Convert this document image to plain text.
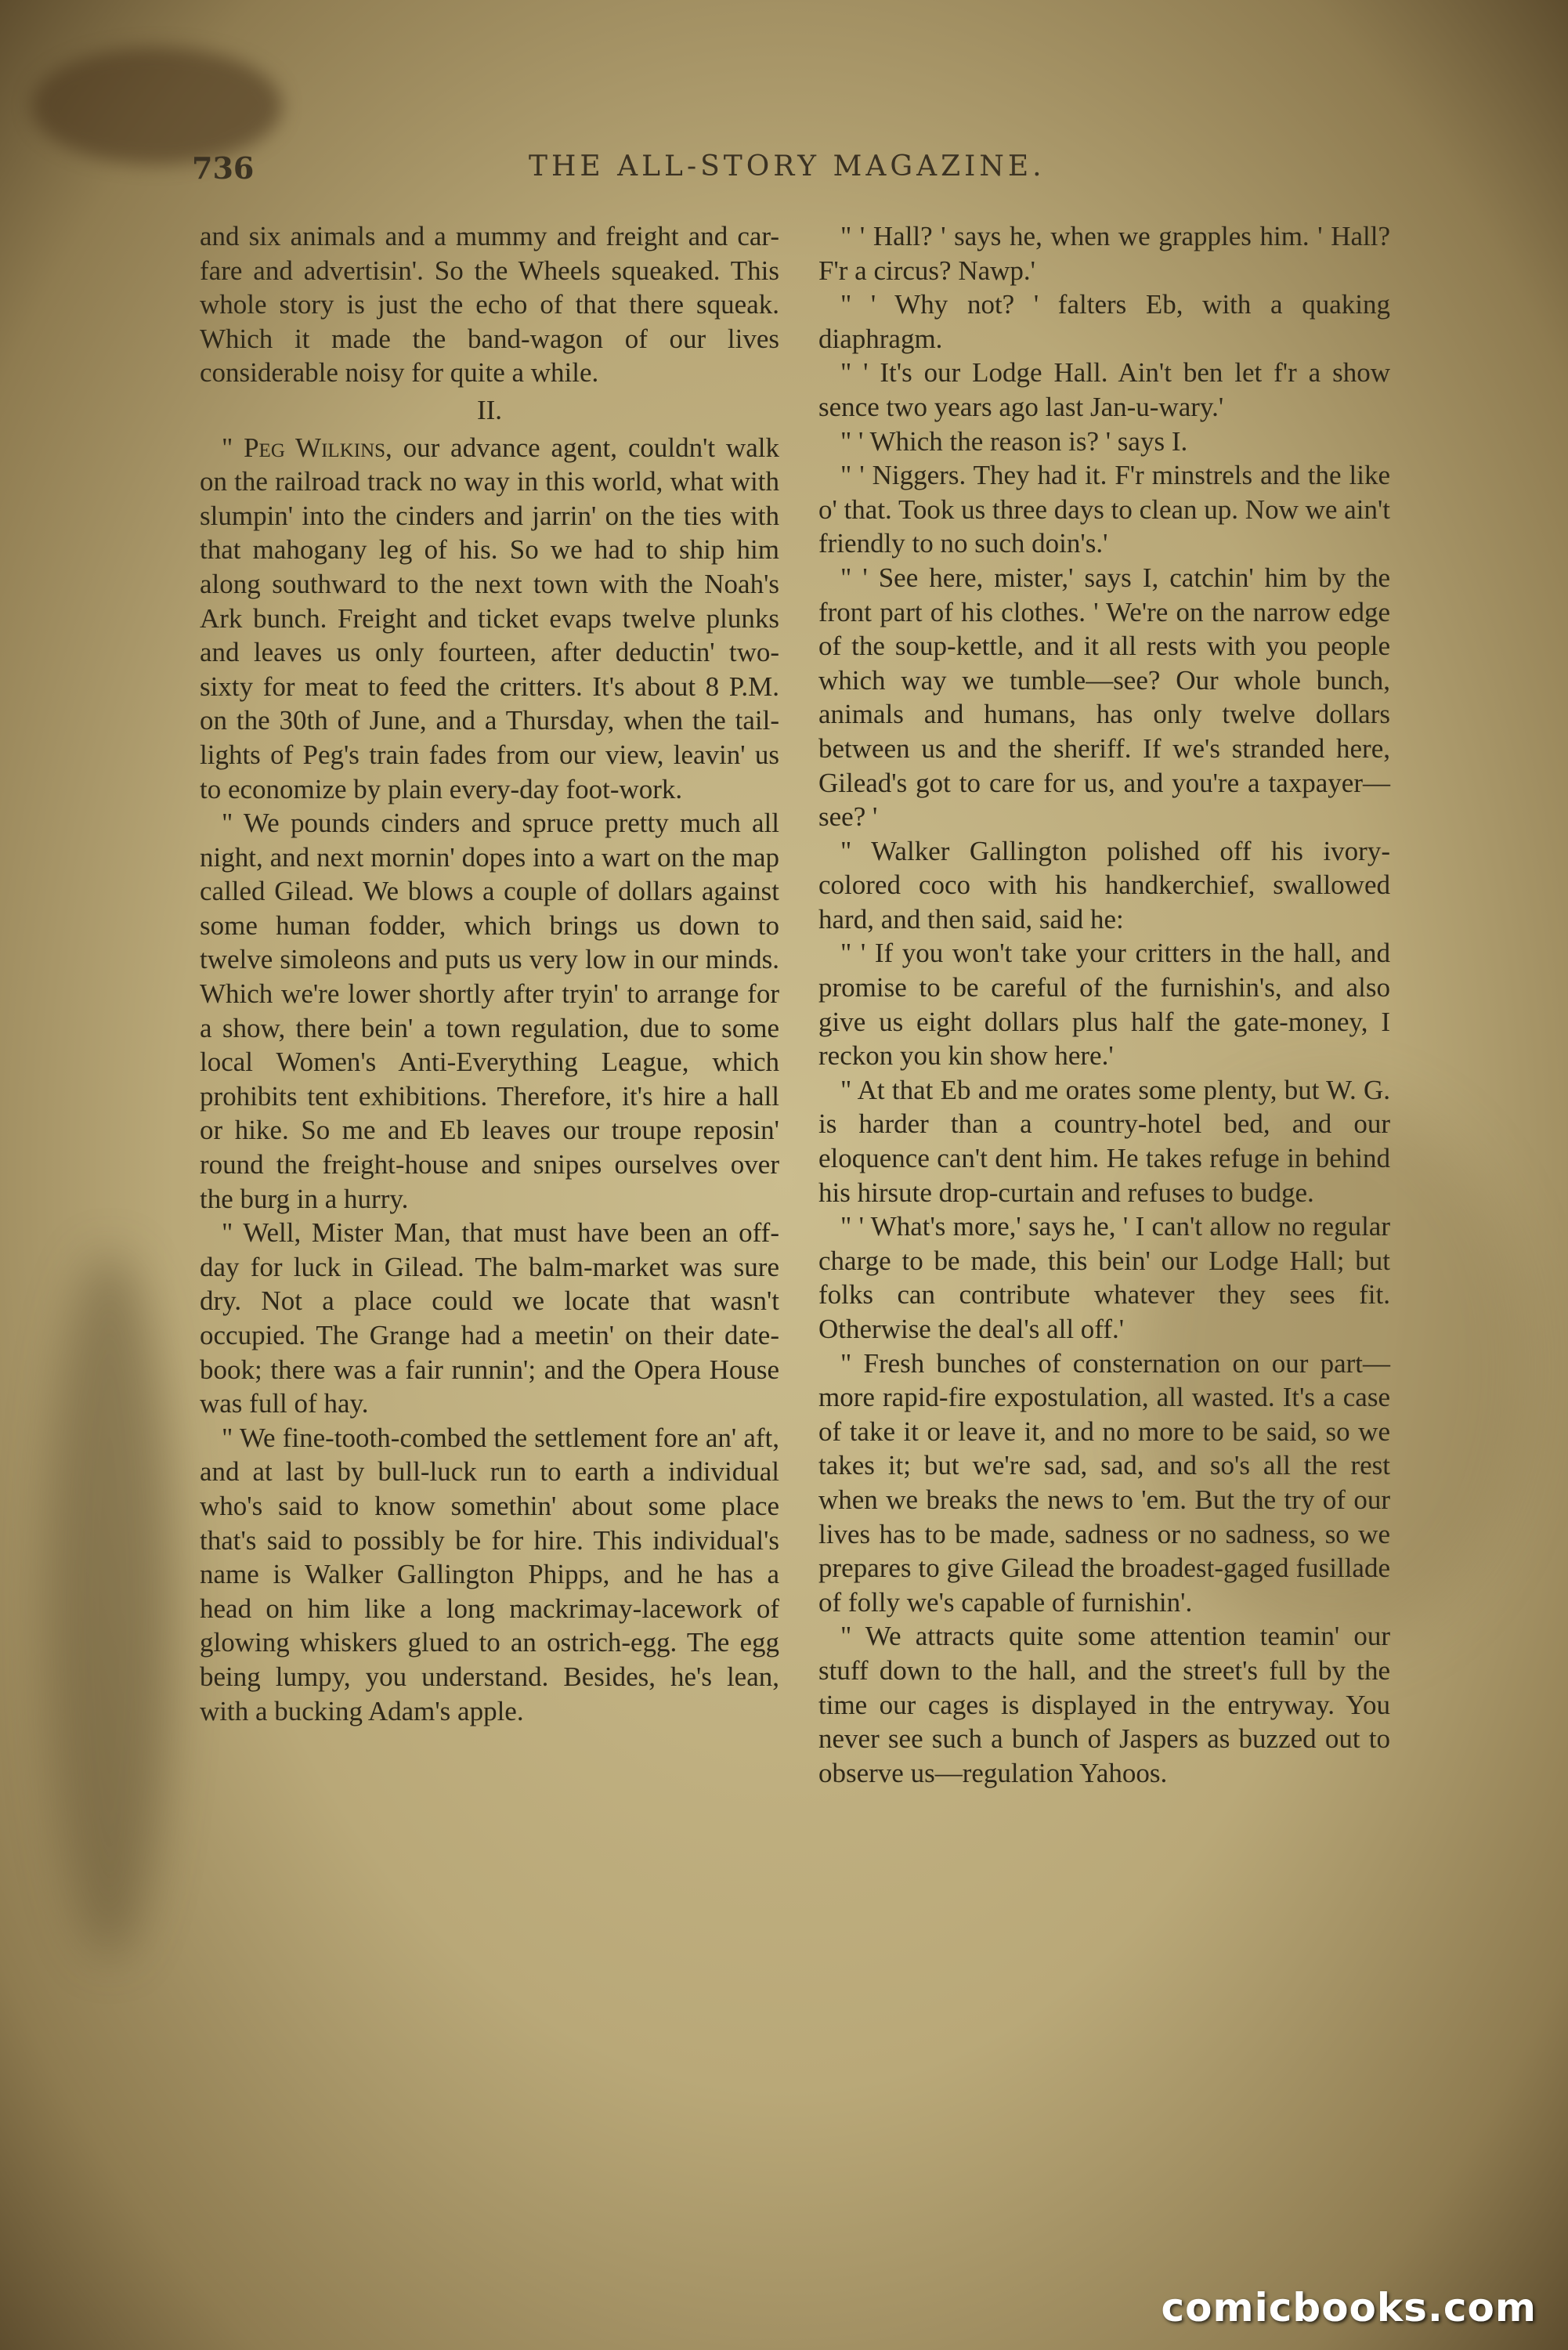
736	THE ALL-STORY MAGAZINE.

and six animals and a mummy and freight and car-fare and advertisin'. So the Wheels squeaked. This whole story is just the echo of that there squeak. Which it made the band-wagon of our lives considerable noisy for quite a while.

II.

" Peg Wilkins, our advance agent, couldn't walk on the railroad track no way in this world, what with slumpin' into the cinders and jarrin' on the ties with that mahogany leg of his. So we had to ship him along southward to the next town with the Noah's Ark bunch. Freight and ticket evaps twelve plunks and leaves us only fourteen, after deductin' two-sixty for meat to feed the critters. It's about 8 P.M. on the 30th of June, and a Thursday, when the tail-lights of Peg's train fades from our view, leavin' us to economize by plain every-day foot-work.

" We pounds cinders and spruce pretty much all night, and next mornin' dopes into a wart on the map called Gilead. We blows a couple of dollars against some human fodder, which brings us down to twelve simoleons and puts us very low in our minds. Which we're lower shortly after tryin' to arrange for a show, there bein' a town regulation, due to some local Women's Anti-Everything League, which prohibits tent exhibitions. Therefore, it's hire a hall or hike. So me and Eb leaves our troupe reposin' round the freight-house and snipes ourselves over the burg in a hurry.

" Well, Mister Man, that must have been an off-day for luck in Gilead. The balm-market was sure dry. Not a place could we locate that wasn't occupied. The Grange had a meetin' on their date-book; there was a fair runnin'; and the Opera House was full of hay.

" We fine-tooth-combed the settlement fore an' aft, and at last by bull-luck run to earth a individual who's said to know somethin' about some place that's said to possibly be for hire. This individual's name is Walker Gallington Phipps, and he has a head on him like a long mackrimay-lacework of glowing whiskers glued to an ostrich-egg. The egg being lumpy, you understand. Besides, he's lean, with a bucking Adam's apple.

" ' Hall? ' says he, when we grapples him. ' Hall? F'r a circus? Nawp.'

" ' Why not? ' falters Eb, with a quaking diaphragm.

" ' It's our Lodge Hall. Ain't ben let f'r a show sence two years ago last Jan-u-wary.'

" ' Which the reason is? ' says I.

" ' Niggers. They had it. F'r minstrels and the like o' that. Took us three days to clean up. Now we ain't friendly to no such doin's.'

" ' See here, mister,' says I, catchin' him by the front part of his clothes. ' We're on the narrow edge of the soup-kettle, and it all rests with you people which way we tumble—see? Our whole bunch, animals and humans, has only twelve dollars between us and the sheriff. If we's stranded here, Gilead's got to care for us, and you're a taxpayer—see? '

" Walker Gallington polished off his ivory-colored coco with his handkerchief, swallowed hard, and then said, said he:

" ' If you won't take your critters in the hall, and promise to be careful of the furnishin's, and also give us eight dollars plus half the gate-money, I reckon you kin show here.'

" At that Eb and me orates some plenty, but W. G. is harder than a country-hotel bed, and our eloquence can't dent him. He takes refuge in behind his hirsute drop-curtain and refuses to budge.

" ' What's more,' says he, ' I can't allow no regular charge to be made, this bein' our Lodge Hall; but folks can contribute whatever they sees fit. Otherwise the deal's all off.'

" Fresh bunches of consternation on our part—more rapid-fire expostulation, all wasted. It's a case of take it or leave it, and no more to be said, so we takes it; but we're sad, sad, and so's all the rest when we breaks the news to 'em. But the try of our lives has to be made, sadness or no sadness, so we prepares to give Gilead the broadest-gaged fusillade of folly we's capable of furnishin'.

" We attracts quite some attention teamin' our stuff down to the hall, and the street's full by the time our cages is displayed in the entryway. You never see such a bunch of Jaspers as buzzed out to observe us—regulation Yahoos.

comicbooks.com
